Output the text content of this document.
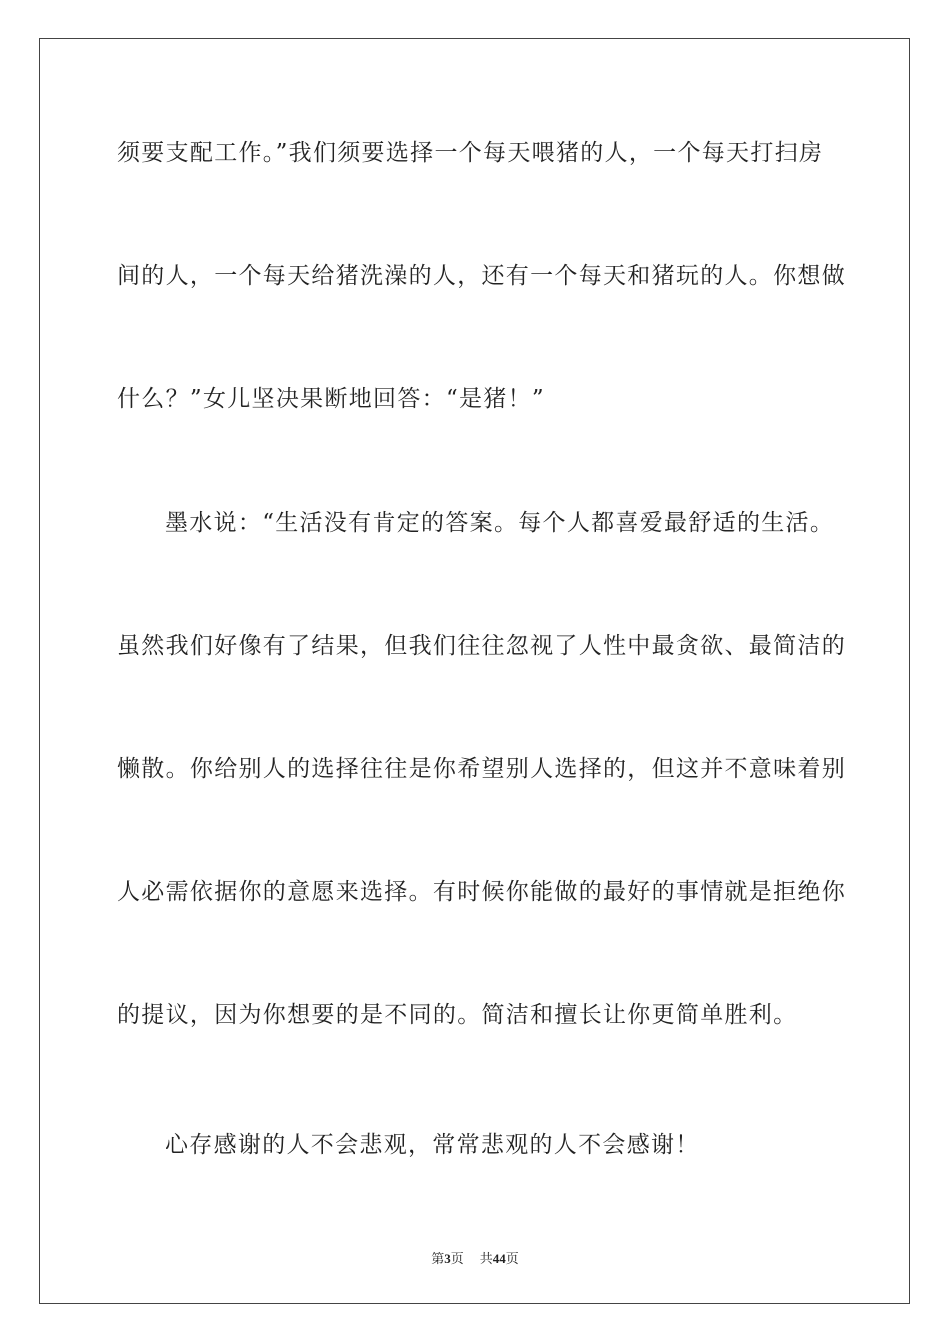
须要支配工作。”我们须要选择一个每天喂猪的人，一个每天打扫房
间的人，一个每天给猪洗澡的人，还有一个每天和猪玩的人。你想做
什么？”女儿坚决果断地回答：“是猪！”
墨水说：“生活没有肯定的答案。每个人都喜爱最舒适的生活。
虽然我们好像有了结果，但我们往往忽视了人性中最贪欲、最简洁的
懒散。你给别人的选择往往是你希望别人选择的，但这并不意味着别
人必需依据你的意愿来选择。有时候你能做的最好的事情就是拒绝你
的提议，因为你想要的是不同的。简洁和擅长让你更简单胜利。
心存感谢的人不会悲观，常常悲观的人不会感谢！
第3页 共44页
